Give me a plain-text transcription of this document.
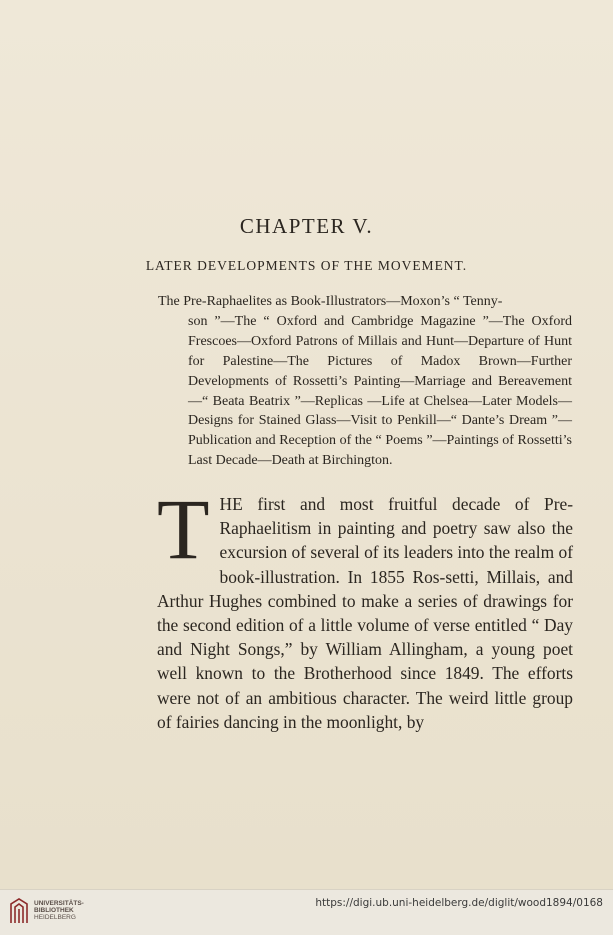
CHAPTER V.
LATER DEVELOPMENTS OF THE MOVEMENT.
The Pre-Raphaelites as Book-Illustrators—Moxon’s “ Tenny-
son ”—The “ Oxford and Cambridge Magazine ”—The Oxford Frescoes—Oxford Patrons of Millais and Hunt—Departure of Hunt for Palestine—The Pictures of Madox Brown—Further Developments of Rossetti’s Painting—Marriage and Bereavement—“ Beata Beatrix ”—Replicas —Life at Chelsea—Later Models—Designs for Stained Glass—Visit to Penkill—“ Dante’s Dream ”—Publication and Reception of the “ Poems ”—Paintings of Rossetti’s Last Decade—Death at Birchington.
T HE first and most fruitful decade of Pre-Raphaelitism in painting and poetry saw also the excursion of several of its leaders into the realm of book-illustration. In 1855 Ros-setti, Millais, and Arthur Hughes combined to make a series of drawings for the second edition of a little volume of verse entitled “ Day and Night Songs,” by William Allingham, a young poet well known to the Brotherhood since 1849. The efforts were not of an ambitious character. The weird little group of fairies dancing in the moonlight, by
UNIVERSITÄTS-
BIBLIOTHEK
HEIDELBERG
https://digi.ub.uni-heidelberg.de/diglit/wood1894/0168
